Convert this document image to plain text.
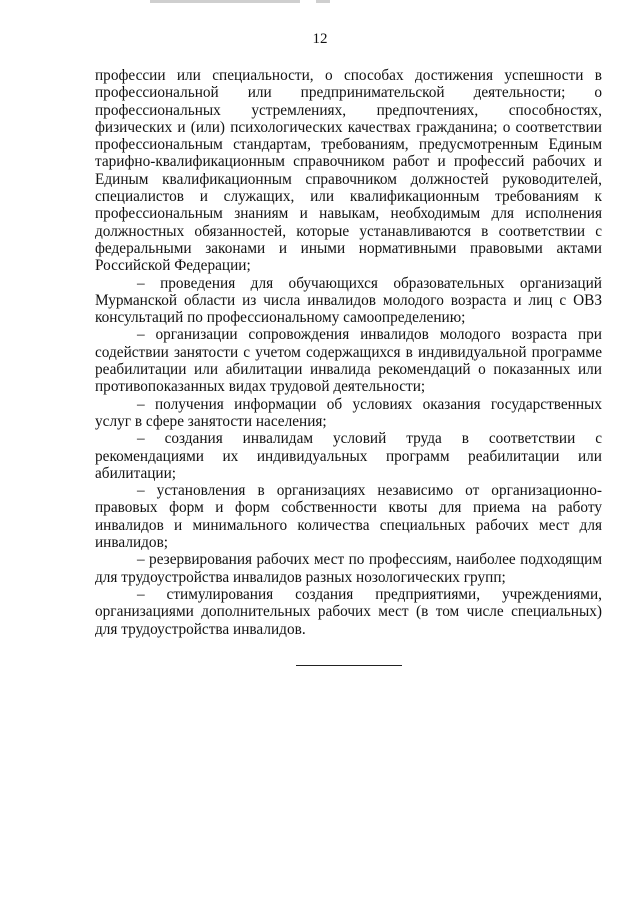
12

профессии или специальности, о способах достижения успешности в профессиональной или предпринимательской деятельности; о профессиональных устремлениях, предпочтениях, способностях, физических и (или) психологических качествах гражданина; о соответствии профессиональным стандартам, требованиям, предусмотренным Единым тарифно-квалификационным справочником работ и профессий рабочих и Единым квалификационным справочником должностей руководителей, специалистов и служащих, или квалификационным требованиям к профессиональным знаниям и навыкам, необходимым для исполнения должностных обязанностей, которые устанавливаются в соответствии с федеральными законами и иными нормативными правовыми актами Российской Федерации;

– проведения для обучающихся образовательных организаций Мурманской области из числа инвалидов молодого возраста и лиц с ОВЗ консультаций по профессиональному самоопределению;

– организации сопровождения инвалидов молодого возраста при содействии занятости с учетом содержащихся в индивидуальной программе реабилитации или абилитации инвалида рекомендаций о показанных или противопоказанных видах трудовой деятельности;

– получения информации об условиях оказания государственных услуг в сфере занятости населения;

– создания инвалидам условий труда в соответствии с рекомендациями их индивидуальных программ реабилитации или абилитации;

– установления в организациях независимо от организационно-правовых форм и форм собственности квоты для приема на работу инвалидов и минимального количества специальных рабочих мест для инвалидов;

– резервирования рабочих мест по профессиям, наиболее подходящим для трудоустройства инвалидов разных нозологических групп;

– стимулирования создания предприятиями, учреждениями, организациями дополнительных рабочих мест (в том числе специальных) для трудоустройства инвалидов.
